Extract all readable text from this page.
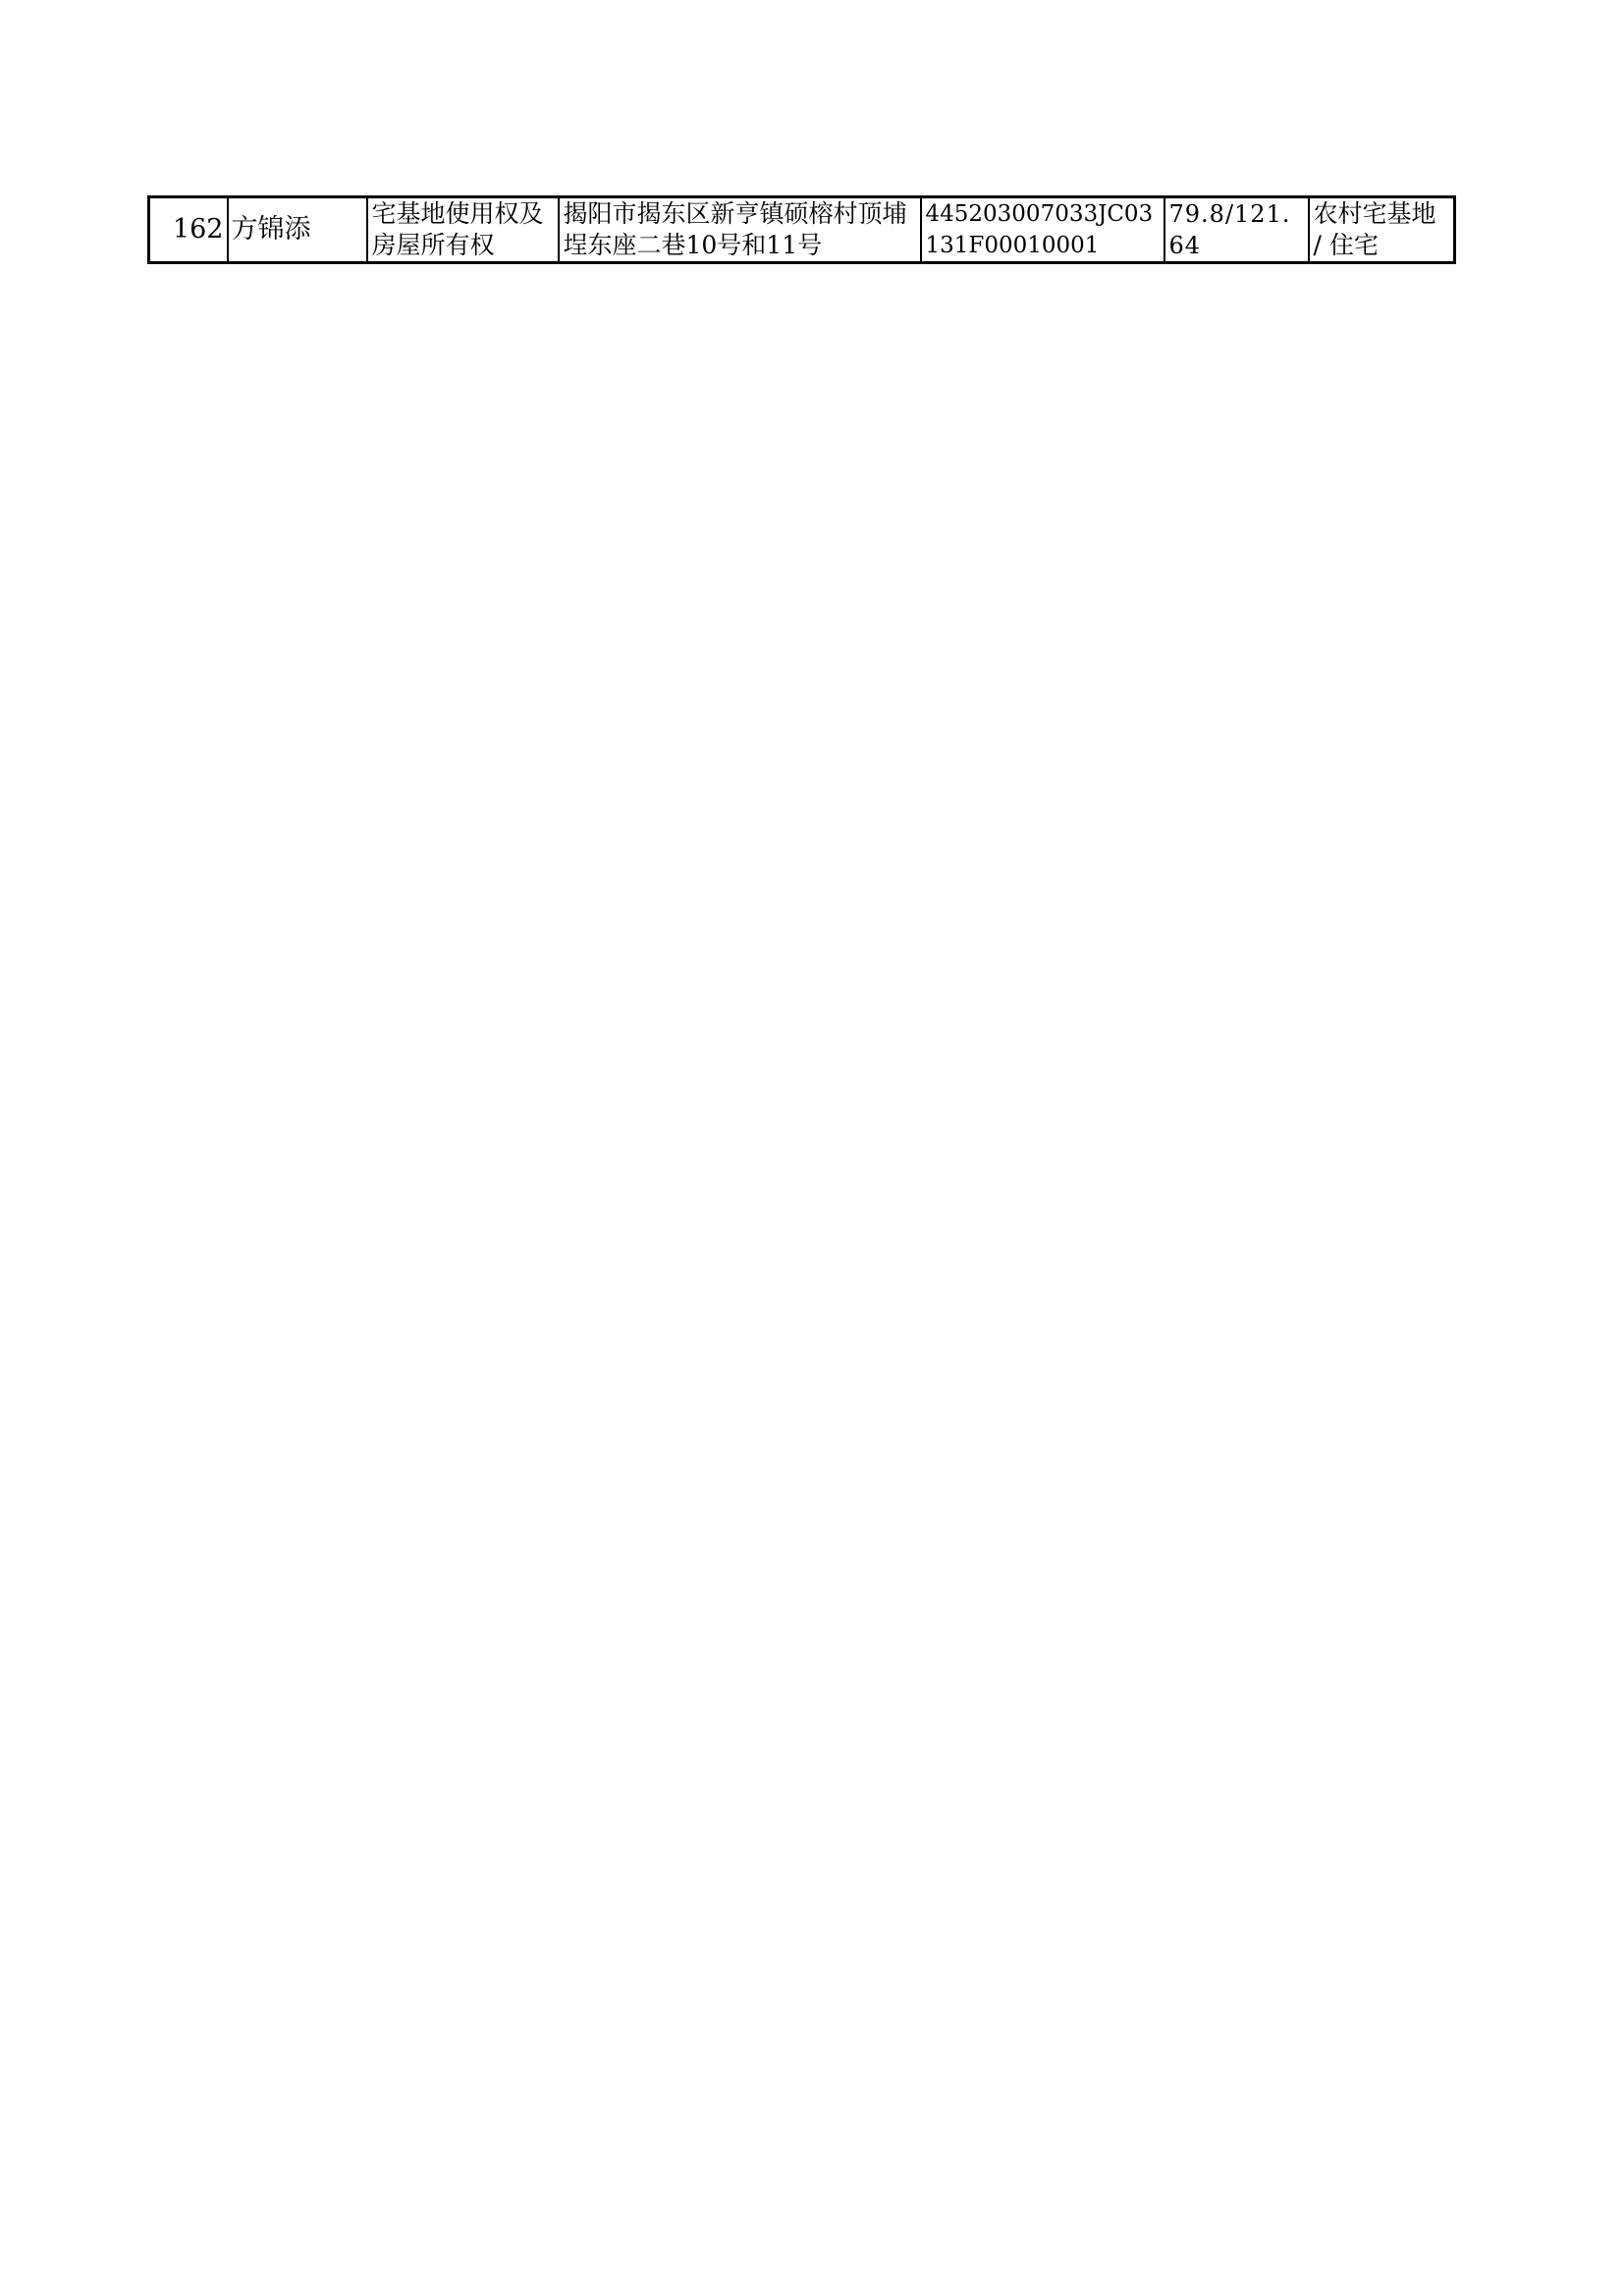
162	方锦添	宅基地使用权及房屋所有权	揭阳市揭东区新亨镇硕榕村顶埔埕东座二巷10号和11号	445203007033JC03131F00010001	79.8/121.64	农村宅基地 / 住宅
